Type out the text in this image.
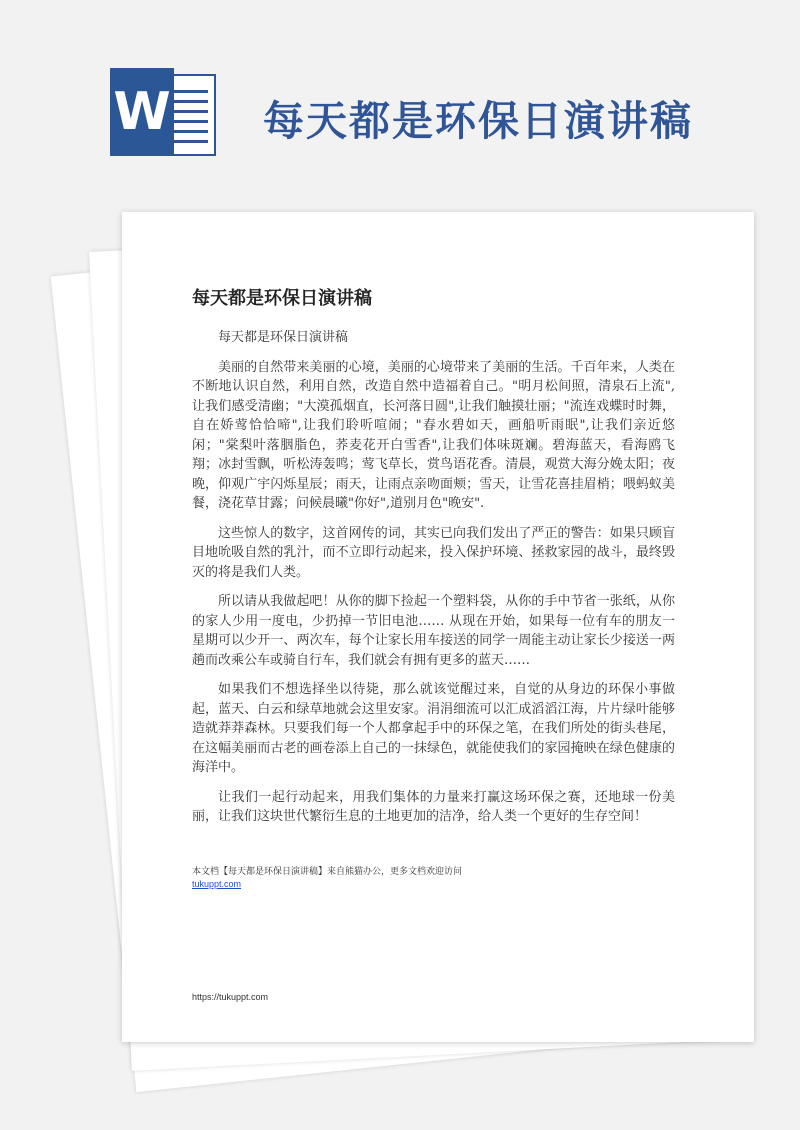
W 每天都是环保日演讲稿
每天都是环保日演讲稿

每天都是环保日演讲稿

美丽的自然带来美丽的心境，美丽的心境带来了美丽的生活。千百年来，人类在不断地认识自然，利用自然，改造自然中造福着自己。"明月松间照，清泉石上流",让我们感受清幽；"大漠孤烟直，长河落日圆",让我们触摸壮丽；"流连戏蝶时时舞，自在娇莺恰恰啼",让我们聆听喧闹；"春水碧如天，画船听雨眠",让我们亲近悠闲；"棠梨叶落胭脂色，荞麦花开白雪香",让我们体味斑斓。碧海蓝天，看海鸥飞翔；冰封雪飘，听松涛轰鸣；莺飞草长，赏鸟语花香。清晨，观赏大海分娩太阳；夜晚，仰观广宇闪烁星辰；雨天，让雨点亲吻面颊；雪天，让雪花喜挂眉梢；喂蚂蚁美餐，浇花草甘露；问候晨曦"你好",道别月色"晚安".

这些惊人的数字，这首网传的词，其实已向我们发出了严正的警告：如果只顾盲目地吮吸自然的乳汁，而不立即行动起来，投入保护环境、拯救家园的战斗，最终毁灭的将是我们人类。

所以请从我做起吧！从你的脚下捡起一个塑料袋，从你的手中节省一张纸，从你的家人少用一度电，少扔掉一节旧电池…… 从现在开始，如果每一位有车的朋友一星期可以少开一、两次车，每个让家长用车接送的同学一周能主动让家长少接送一两趟而改乘公车或骑自行车，我们就会有拥有更多的蓝天……

如果我们不想选择坐以待毙，那么就该觉醒过来，自觉的从身边的环保小事做起，蓝天、白云和绿草地就会这里安家。涓涓细流可以汇成滔滔江海，片片绿叶能够造就莽莽森林。只要我们每一个人都拿起手中的环保之笔，在我们所处的街头巷尾，在这幅美丽而古老的画卷添上自己的一抹绿色，就能使我们的家园掩映在绿色健康的海洋中。

让我们一起行动起来，用我们集体的力量来打赢这场环保之赛，还地球一份美丽，让我们这块世代繁衍生息的土地更加的洁净，给人类一个更好的生存空间！

本文档【每天都是环保日演讲稿】来自熊猫办公，更多文档欢迎访问
tukuppt.com
https://tukuppt.com
